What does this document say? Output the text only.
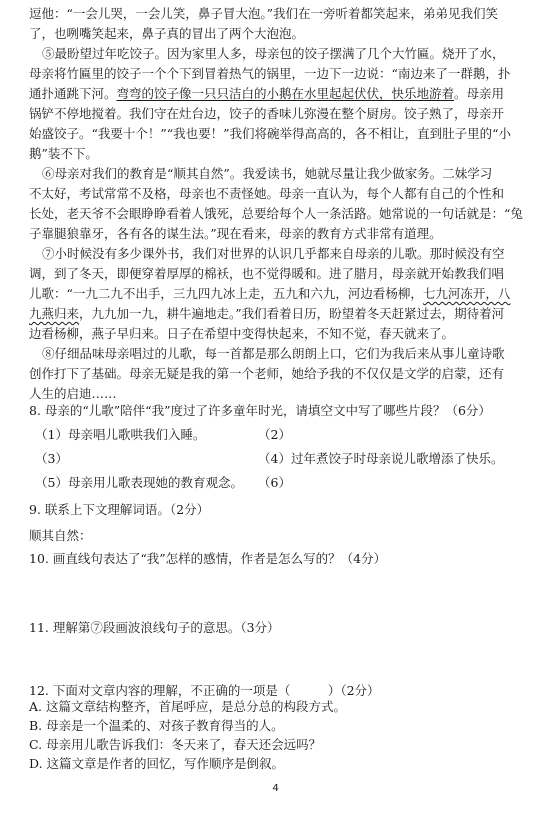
逗他：“一会儿哭，一会儿笑，鼻子冒大泡。”我们在一旁听着都笑起来，弟弟见我们笑
了，也咧嘴笑起来，鼻子真的冒出了两个大泡泡。
⑤最盼望过年吃饺子。因为家里人多，母亲包的饺子摆满了几个大竹匾。烧开了水，
母亲将竹匾里的饺子一个个下到冒着热气的锅里，一边下一边说：“南边来了一群鹅，扑
通扑通跳下河。弯弯的饺子像一只只洁白的小鹅在水里起起伏伏，快乐地游着。母亲用
锅铲不停地搅着。我们守在灶台边，饺子的香味儿弥漫在整个厨房。饺子熟了，母亲开
始盛饺子。“我要十个！”“我也要！”我们将碗举得高高的，各不相让，直到肚子里的“小
鹅”装不下。
⑥母亲对我们的教育是“顺其自然”。我爱读书，她就尽量让我少做家务。二妹学习
不太好，考试常常不及格，母亲也不责怪她。母亲一直认为，每个人都有自己的个性和
长处，老天爷不会眼睁睁看着人饿死，总要给每个人一条活路。她常说的一句话就是：“兔
子靠腿狼靠牙，各有各的谋生法。”现在看来，母亲的教育方式非常有道理。
⑦小时候没有多少课外书，我们对世界的认识几乎都来自母亲的儿歌。那时候没有空
调，到了冬天，即便穿着厚厚的棉袄，也不觉得暖和。进了腊月，母亲就开始教我们唱
儿歌：“一九二九不出手，三九四九冰上走，五九和六九，河边看杨柳，七九河冻开，八
九燕归来，九九加一九，耕牛遍地走。”我们看着日历，盼望着冬天赶紧过去，期待着河
边看杨柳，燕子早归来。日子在希望中变得快起来，不知不觉，春天就来了。
⑧仔细品味母亲唱过的儿歌，每一首都是那么朗朗上口，它们为我后来从事儿童诗歌
创作打下了基础。母亲无疑是我的第一个老师，她给予我的不仅仅是文学的启蒙，还有
人生的启迪……
8. 母亲的“儿歌”陪伴“我”度过了许多童年时光，请填空文中写了哪些片段？（6分）
（1）母亲唱儿歌哄我们入睡。	（2）
（3）	（4）过年煮饺子时母亲说儿歌增添了快乐。
（5）母亲用儿歌表现她的教育观念。 （6）
9. 联系上下文理解词语。（2分）
顺其自然：
10. 画直线句表达了“我”怎样的感情，作者是怎么写的？（4分）
11. 理解第⑦段画波浪线句子的意思。（3分）
12. 下面对文章内容的理解，不正确的一项是（　　　）（2分）
A. 这篇文章结构整齐，首尾呼应，是总分总的构段方式。
B. 母亲是一个温柔的、对孩子教育得当的人。
C. 母亲用儿歌告诉我们：冬天来了，春天还会远吗？
D. 这篇文章是作者的回忆，写作顺序是倒叙。
4
